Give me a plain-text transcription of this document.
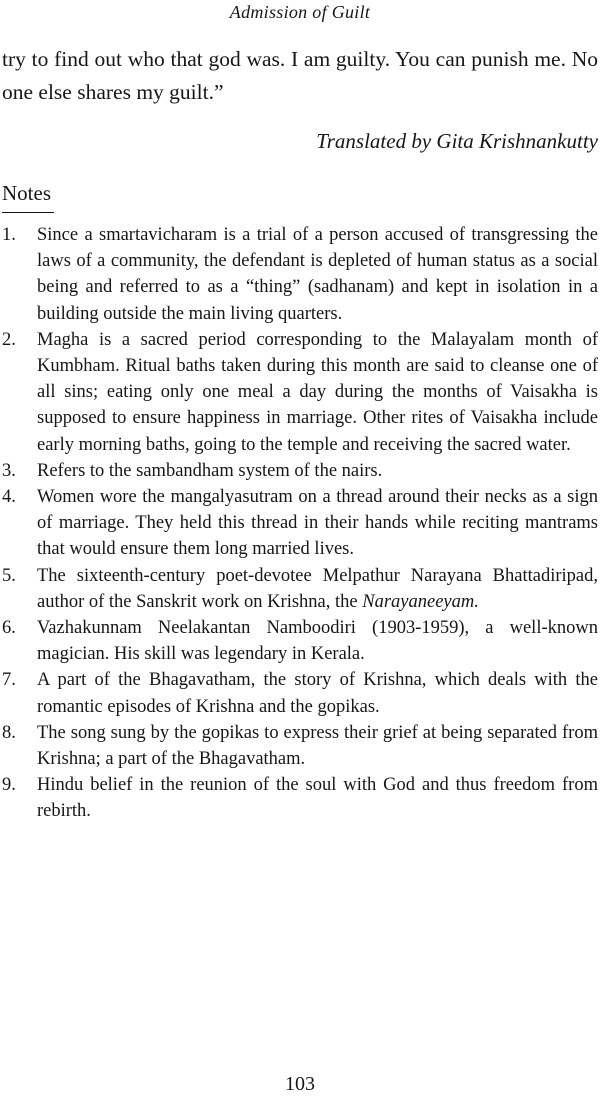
Admission of Guilt

try to find out who that god was. I am guilty. You can punish me. No one else shares my guilt.”

Translated by Gita Krishnankutty

Notes
1. Since a smartavicharam is a trial of a person accused of transgressing the laws of a community, the defendant is depleted of human status as a social being and referred to as a “thing” (sadhanam) and kept in isolation in a building outside the main living quarters.
2. Magha is a sacred period corresponding to the Malayalam month of Kumbham. Ritual baths taken during this month are said to cleanse one of all sins; eating only one meal a day during the months of Vaisakha is supposed to ensure happiness in marriage. Other rites of Vaisakha include early morning baths, going to the temple and receiving the sacred water.
3. Refers to the sambandham system of the nairs.
4. Women wore the mangalyasutram on a thread around their necks as a sign of marriage. They held this thread in their hands while reciting mantrams that would ensure them long married lives.
5. The sixteenth-century poet-devotee Melpathur Narayana Bhattadiripad, author of the Sanskrit work on Krishna, the Narayaneeyam.
6. Vazhakunnam Neelakantan Namboodiri (1903-1959), a well-known magician. His skill was legendary in Kerala.
7. A part of the Bhagavatham, the story of Krishna, which deals with the romantic episodes of Krishna and the gopikas.
8. The song sung by the gopikas to express their grief at being separated from Krishna; a part of the Bhagavatham.
9. Hindu belief in the reunion of the soul with God and thus freedom from rebirth.
103
